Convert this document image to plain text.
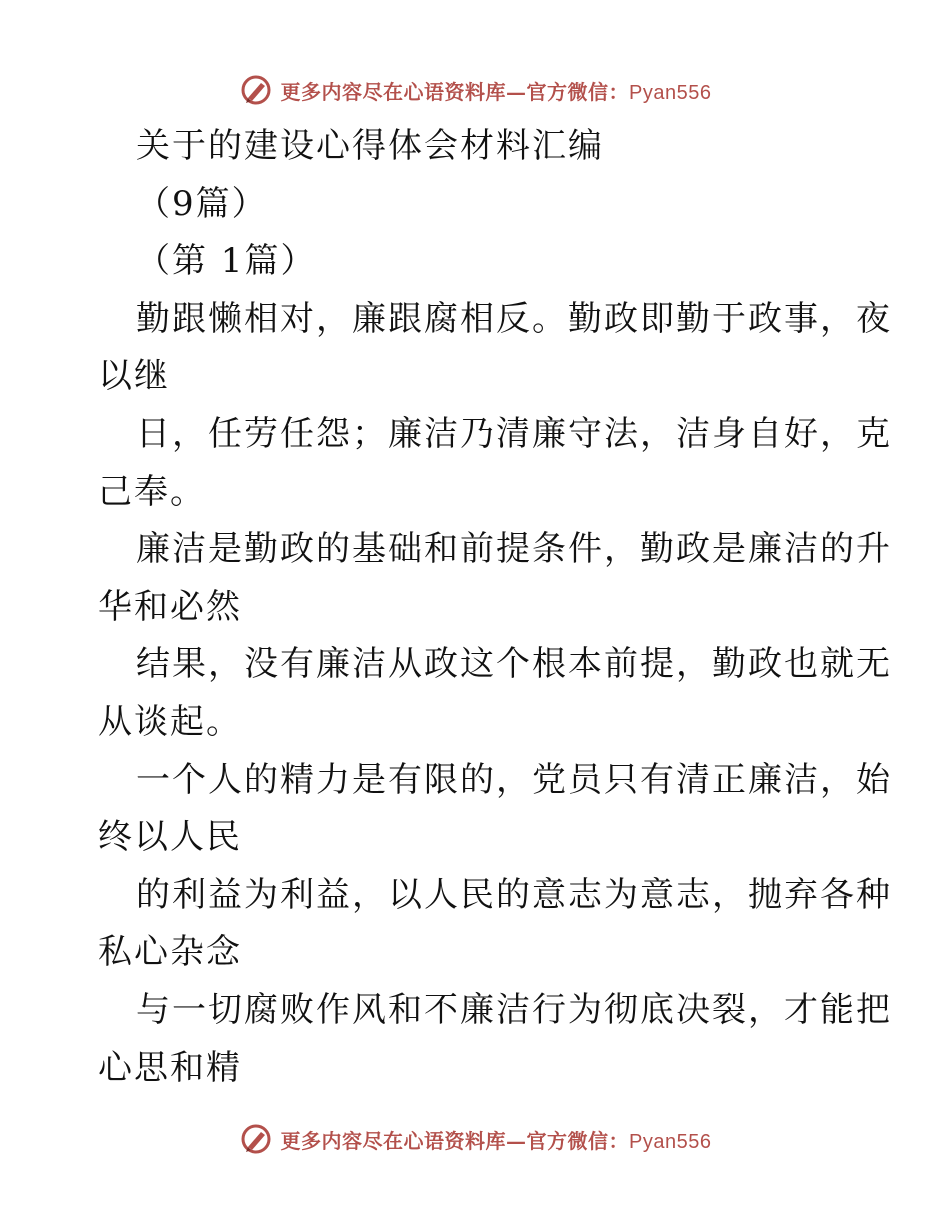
更多内容尽在心语资料库—官方微信：Pyan556
关于的建设心得体会材料汇编
（9篇）
（第 1篇）
勤跟懒相对，廉跟腐相反。勤政即勤于政事，夜
以继
日，任劳任怨；廉洁乃清廉守法，洁身自好，克
己奉。
廉洁是勤政的基础和前提条件，勤政是廉洁的升
华和必然
结果，没有廉洁从政这个根本前提，勤政也就无
从谈起。
一个人的精力是有限的，党员只有清正廉洁，始
终以人民
的利益为利益，以人民的意志为意志，抛弃各种
私心杂念
与一切腐败作风和不廉洁行为彻底决裂，才能把
心思和精
更多内容尽在心语资料库—官方微信：Pyan556
